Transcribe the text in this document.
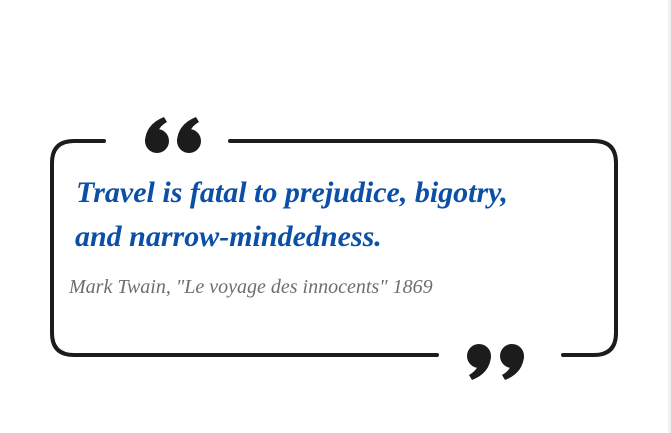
Travel is fatal to prejudice, bigotry,
and narrow-mindedness.

Mark Twain, "Le voyage des innocents" 1869
